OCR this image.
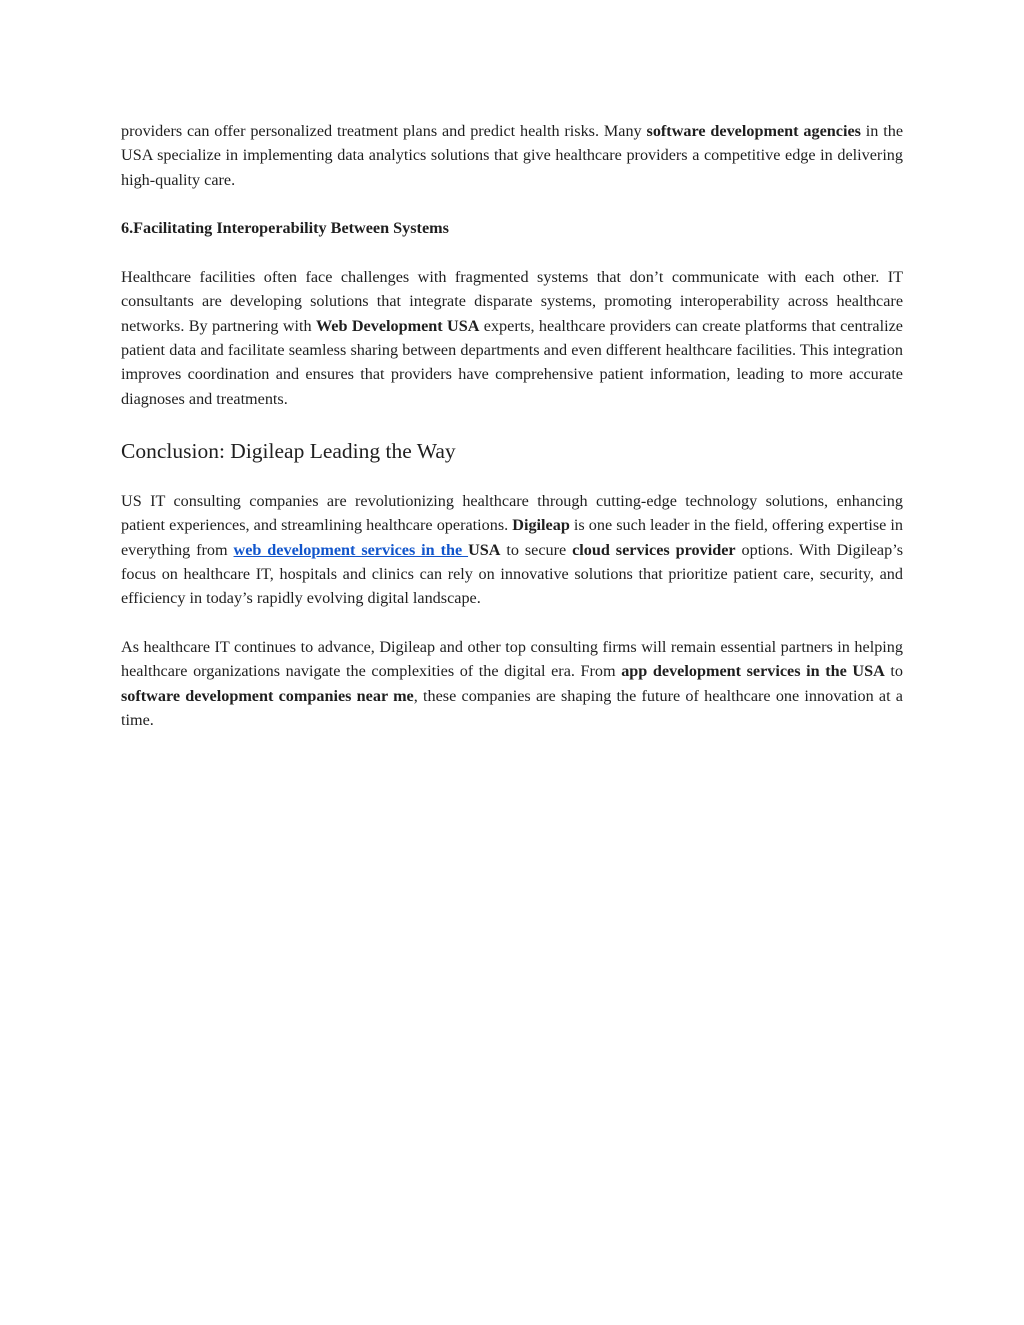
providers can offer personalized treatment plans and predict health risks. Many software development agencies in the USA specialize in implementing data analytics solutions that give healthcare providers a competitive edge in delivering high-quality care.

6.Facilitating Interoperability Between Systems

Healthcare facilities often face challenges with fragmented systems that don’t communicate with each other. IT consultants are developing solutions that integrate disparate systems, promoting interoperability across healthcare networks. By partnering with Web Development USA experts, healthcare providers can create platforms that centralize patient data and facilitate seamless sharing between departments and even different healthcare facilities. This integration improves coordination and ensures that providers have comprehensive patient information, leading to more accurate diagnoses and treatments.

Conclusion: Digileap Leading the Way

US IT consulting companies are revolutionizing healthcare through cutting-edge technology solutions, enhancing patient experiences, and streamlining healthcare operations. Digileap is one such leader in the field, offering expertise in everything from web development services in the USA to secure cloud services provider options. With Digileap’s focus on healthcare IT, hospitals and clinics can rely on innovative solutions that prioritize patient care, security, and efficiency in today’s rapidly evolving digital landscape.

As healthcare IT continues to advance, Digileap and other top consulting firms will remain essential partners in helping healthcare organizations navigate the complexities of the digital era. From app development services in the USA to software development companies near me, these companies are shaping the future of healthcare one innovation at a time.
